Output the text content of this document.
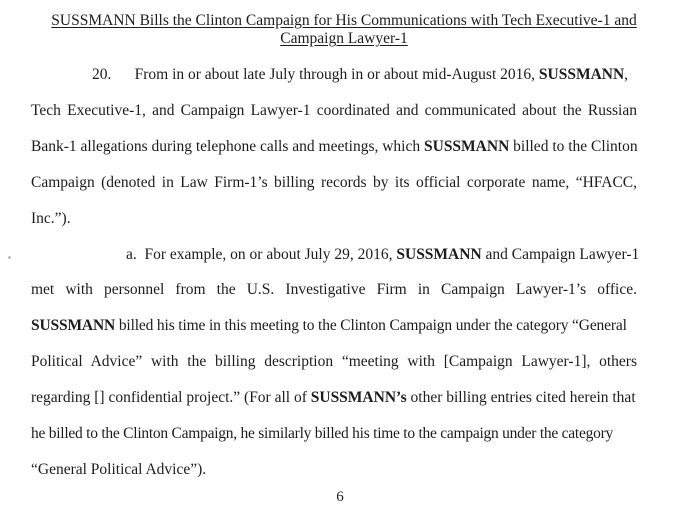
SUSSMANN Bills the Clinton Campaign for His Communications with Tech Executive-1 and
Campaign Lawyer-1
20. From in or about late July through in or about mid-August 2016, SUSSMANN,
Tech Executive-1, and Campaign Lawyer-1 coordinated and communicated about the Russian
Bank-1 allegations during telephone calls and meetings, which SUSSMANN billed to the Clinton
Campaign (denoted in Law Firm-1’s billing records by its official corporate name, “HFACC,
Inc.”).
a. For example, on or about July 29, 2016, SUSSMANN and Campaign Lawyer-1
met with personnel from the U.S. Investigative Firm in Campaign Lawyer-1’s office.
SUSSMANN billed his time in this meeting to the Clinton Campaign under the category “General
Political Advice” with the billing description “meeting with [Campaign Lawyer-1], others
regarding [] confidential project.” (For all of SUSSMANN’s other billing entries cited herein that
he billed to the Clinton Campaign, he similarly billed his time to the campaign under the category
“General Political Advice”).
6
